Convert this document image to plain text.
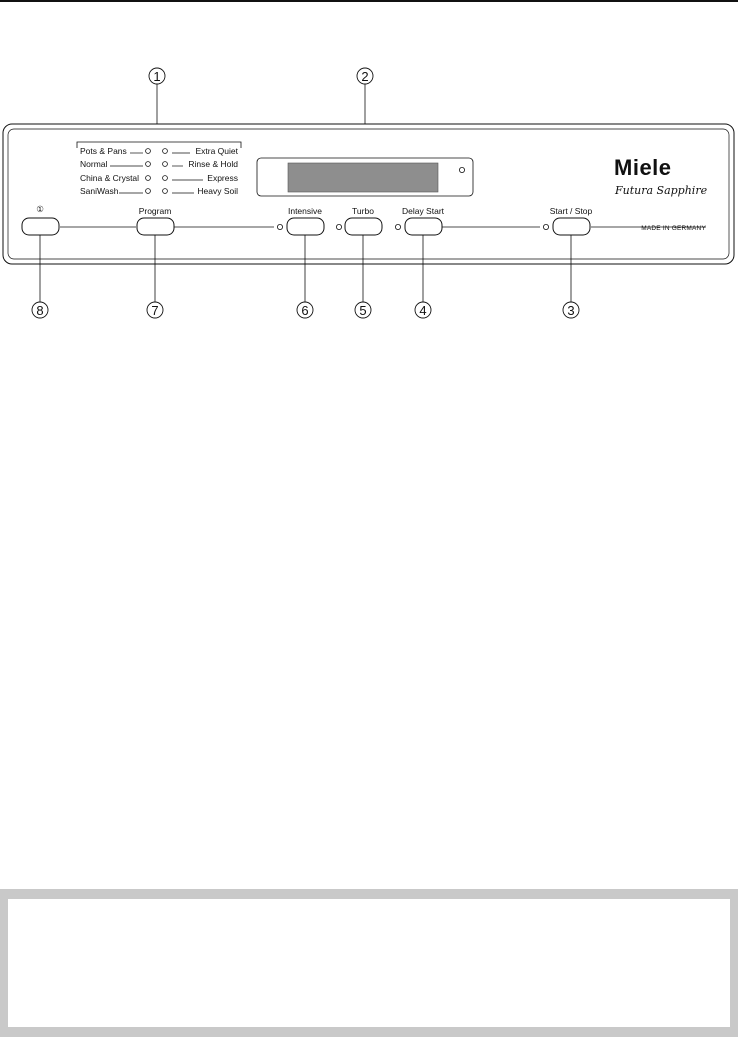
1	2
Pots & Pans
Normal
China & Crystal
SaniWash
Extra Quiet
Rinse & Hold
Express
Heavy Soil
Miele
Futura Sapphire
MADE IN GERMANY
①	Program	Intensive	Turbo	Delay Start	Start / Stop
8	7	6	5	4	3
